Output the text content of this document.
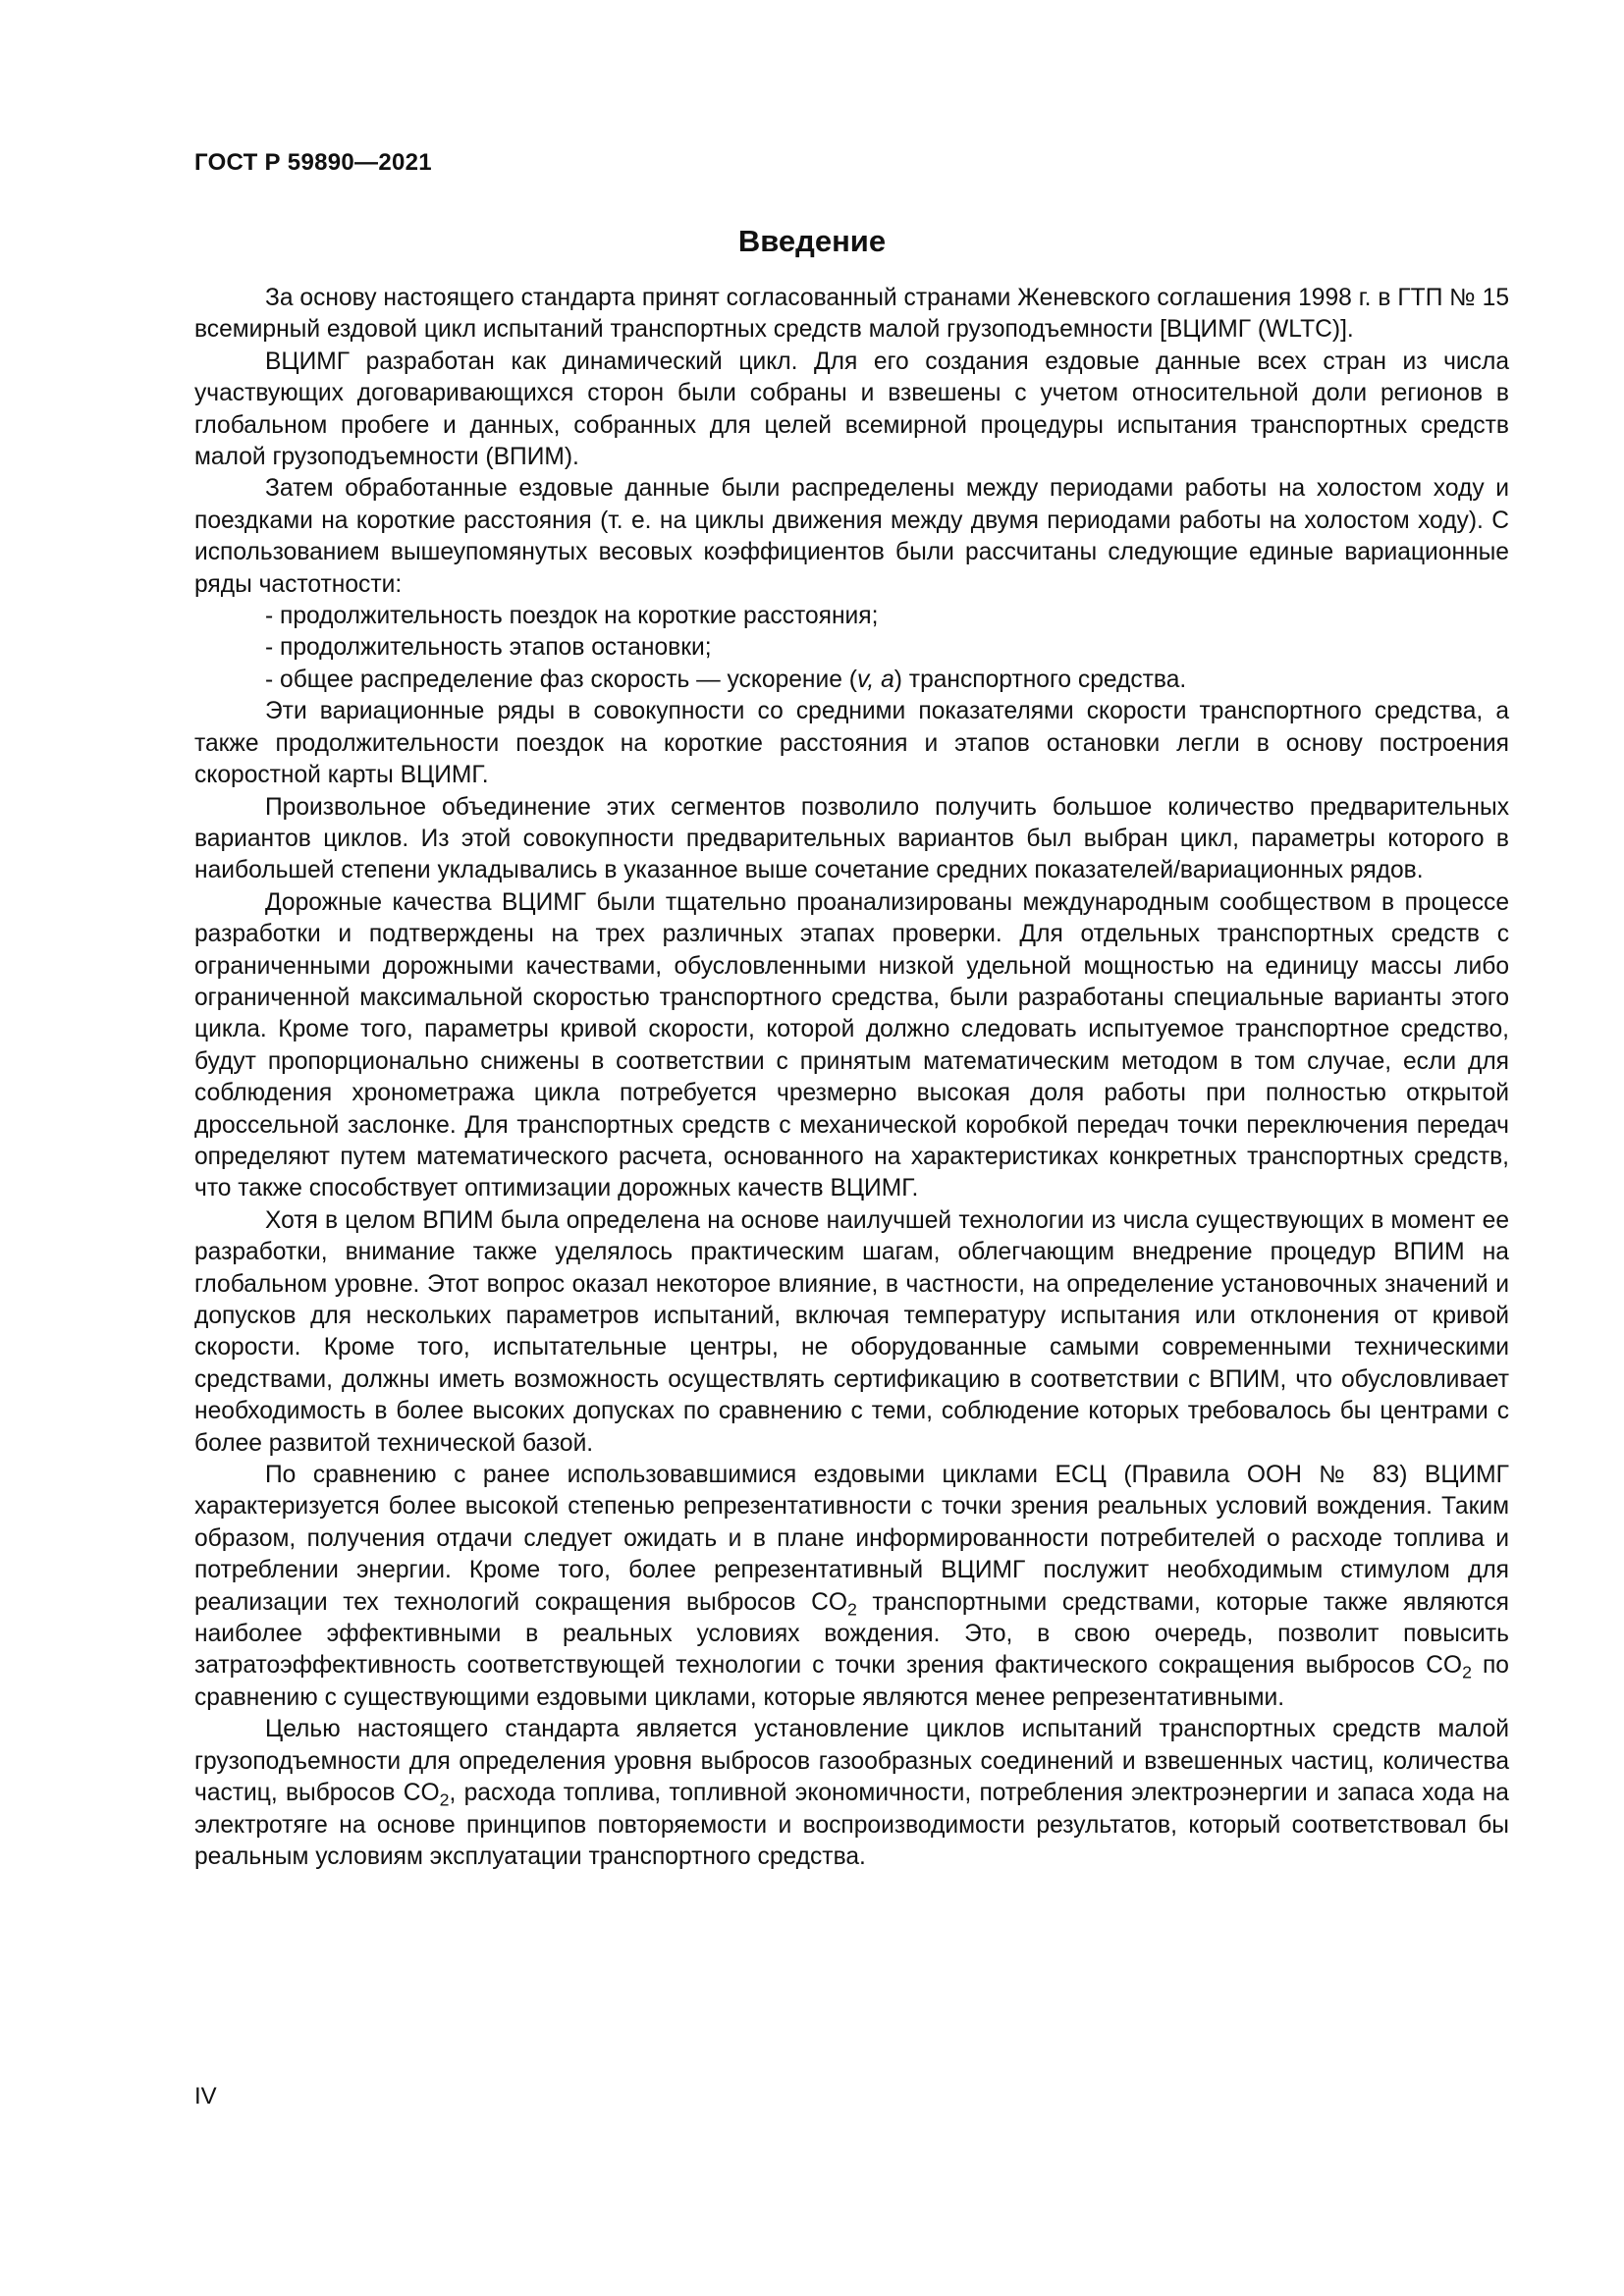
ГОСТ Р 59890—2021
Введение

За основу настоящего стандарта принят согласованный странами Женевского соглашения 1998 г. в ГТП № 15 всемирный ездовой цикл испытаний транспортных средств малой грузоподъемности [ВЦИМГ (WLTC)].

ВЦИМГ разработан как динамический цикл. Для его создания ездовые данные всех стран из числа участвующих договаривающихся сторон были собраны и взвешены с учетом относительной доли регионов в глобальном пробеге и данных, собранных для целей всемирной процедуры испытания транспортных средств малой грузоподъемности (ВПИМ).

Затем обработанные ездовые данные были распределены между периодами работы на холостом ходу и поездками на короткие расстояния (т. е. на циклы движения между двумя периодами работы на холостом ходу). С использованием вышеупомянутых весовых коэффициентов были рассчитаны следующие единые вариационные ряды частотности:

- продолжительность поездок на короткие расстояния;

- продолжительность этапов остановки;

- общее распределение фаз скорость — ускорение (v, a) транспортного средства.

Эти вариационные ряды в совокупности со средними показателями скорости транспортного средства, а также продолжительности поездок на короткие расстояния и этапов остановки легли в основу построения скоростной карты ВЦИМГ.

Произвольное объединение этих сегментов позволило получить большое количество предварительных вариантов циклов. Из этой совокупности предварительных вариантов был выбран цикл, параметры которого в наибольшей степени укладывались в указанное выше сочетание средних показателей/вариационных рядов.

Дорожные качества ВЦИМГ были тщательно проанализированы международным сообществом в процессе разработки и подтверждены на трех различных этапах проверки. Для отдельных транспортных средств с ограниченными дорожными качествами, обусловленными низкой удельной мощностью на единицу массы либо ограниченной максимальной скоростью транспортного средства, были разработаны специальные варианты этого цикла. Кроме того, параметры кривой скорости, которой должно следовать испытуемое транспортное средство, будут пропорционально снижены в соответствии с принятым математическим методом в том случае, если для соблюдения хронометража цикла потребуется чрезмерно высокая доля работы при полностью открытой дроссельной заслонке. Для транспортных средств с механической коробкой передач точки переключения передач определяют путем математического расчета, основанного на характеристиках конкретных транспортных средств, что также способствует оптимизации дорожных качеств ВЦИМГ.

Хотя в целом ВПИМ была определена на основе наилучшей технологии из числа существующих в момент ее разработки, внимание также уделялось практическим шагам, облегчающим внедрение процедур ВПИМ на глобальном уровне. Этот вопрос оказал некоторое влияние, в частности, на определение установочных значений и допусков для нескольких параметров испытаний, включая температуру испытания или отклонения от кривой скорости. Кроме того, испытательные центры, не оборудованные самыми современными техническими средствами, должны иметь возможность осуществлять сертификацию в соответствии с ВПИМ, что обусловливает необходимость в более высоких допусках по сравнению с теми, соблюдение которых требовалось бы центрами с более развитой технической базой.

По сравнению с ранее использовавшимися ездовыми циклами ЕСЦ (Правила ООН № 83) ВЦИМГ характеризуется более высокой степенью репрезентативности с точки зрения реальных условий вождения. Таким образом, получения отдачи следует ожидать и в плане информированности потребителей о расходе топлива и потреблении энергии. Кроме того, более репрезентативный ВЦИМГ послужит необходимым стимулом для реализации тех технологий сокращения выбросов $CO_2$ транспортными средствами, которые также являются наиболее эффективными в реальных условиях вождения. Это, в свою очередь, позволит повысить затратоэффективность соответствующей технологии с точки зрения фактического сокращения выбросов $CO_2$ по сравнению с существующими ездовыми циклами, которые являются менее репрезентативными.

Целью настоящего стандарта является установление циклов испытаний транспортных средств малой грузоподъемности для определения уровня выбросов газообразных соединений и взвешенных частиц, количества частиц, выбросов $CO_2$, расхода топлива, топливной экономичности, потребления электроэнергии и запаса хода на электротяге на основе принципов повторяемости и воспроизводимости результатов, который соответствовал бы реальным условиям эксплуатации транспортного средства.

IV
